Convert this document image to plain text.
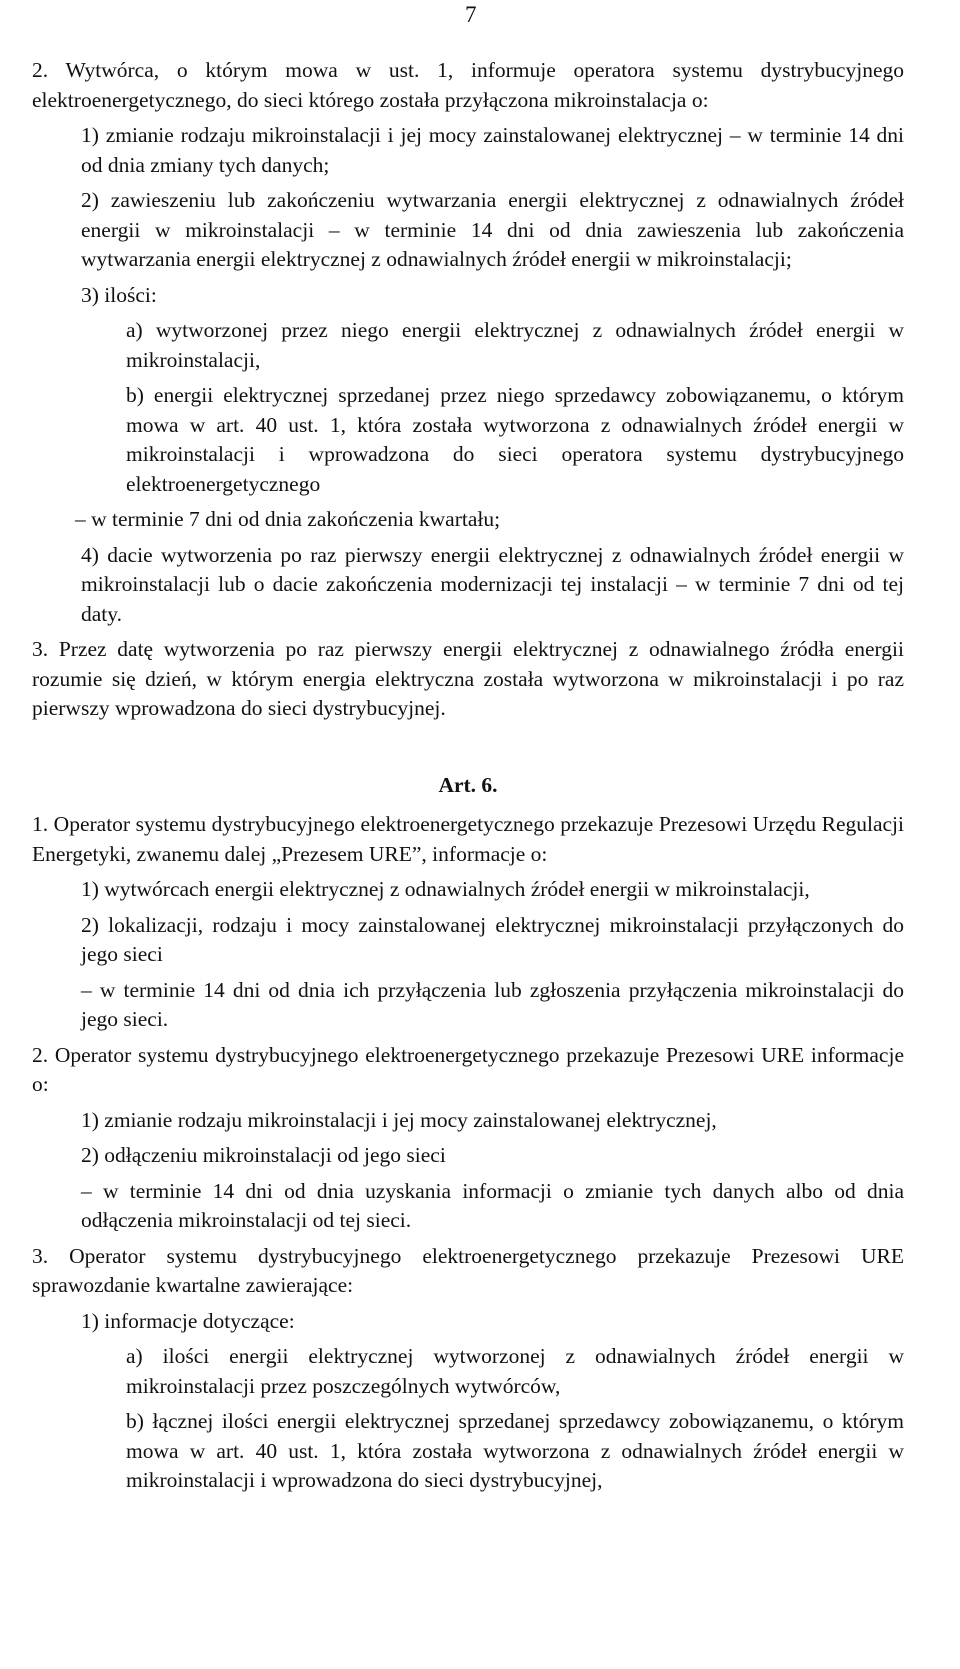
7

2. Wytwórca, o którym mowa w ust. 1, informuje operatora systemu dystrybucyjnego elektroenergetycznego, do sieci którego została przyłączona mikroinstalacja o:

1) zmianie rodzaju mikroinstalacji i jej mocy zainstalowanej elektrycznej – w terminie 14 dni od dnia zmiany tych danych;

2) zawieszeniu lub zakończeniu wytwarzania energii elektrycznej z odnawialnych źródeł energii w mikroinstalacji – w terminie 14 dni od dnia zawieszenia lub zakończenia wytwarzania energii elektrycznej z odnawialnych źródeł energii w mikroinstalacji;

3) ilości:

a) wytworzonej przez niego energii elektrycznej z odnawialnych źródeł energii w mikroinstalacji,

b) energii elektrycznej sprzedanej przez niego sprzedawcy zobowiązanemu, o którym mowa w art. 40 ust. 1, która została wytworzona z odnawialnych źródeł energii w mikroinstalacji i wprowadzona do sieci operatora systemu dystrybucyjnego elektroenergetycznego

– w terminie 7 dni od dnia zakończenia kwartału;

4) dacie wytworzenia po raz pierwszy energii elektrycznej z odnawialnych źródeł energii w mikroinstalacji lub o dacie zakończenia modernizacji tej instalacji – w terminie 7 dni od tej daty.

3. Przez datę wytworzenia po raz pierwszy energii elektrycznej z odnawialnego źródła energii rozumie się dzień, w którym energia elektryczna została wytworzona w mikroinstalacji i po raz pierwszy wprowadzona do sieci dystrybucyjnej.

Art. 6.

1. Operator systemu dystrybucyjnego elektroenergetycznego przekazuje Prezesowi Urzędu Regulacji Energetyki, zwanemu dalej „Prezesem URE”, informacje o:

1) wytwórcach energii elektrycznej z odnawialnych źródeł energii w mikroinstalacji,

2) lokalizacji, rodzaju i mocy zainstalowanej elektrycznej mikroinstalacji przyłączonych do jego sieci

– w terminie 14 dni od dnia ich przyłączenia lub zgłoszenia przyłączenia mikroinstalacji do jego sieci.

2. Operator systemu dystrybucyjnego elektroenergetycznego przekazuje Prezesowi URE informacje o:

1) zmianie rodzaju mikroinstalacji i jej mocy zainstalowanej elektrycznej,

2) odłączeniu mikroinstalacji od jego sieci

– w terminie 14 dni od dnia uzyskania informacji o zmianie tych danych albo od dnia odłączenia mikroinstalacji od tej sieci.

3. Operator systemu dystrybucyjnego elektroenergetycznego przekazuje Prezesowi URE sprawozdanie kwartalne zawierające:

1) informacje dotyczące:

a) ilości energii elektrycznej wytworzonej z odnawialnych źródeł energii w mikroinstalacji przez poszczególnych wytwórców,

b) łącznej ilości energii elektrycznej sprzedanej sprzedawcy zobowiązanemu, o którym mowa w art. 40 ust. 1, która została wytworzona z odnawialnych źródeł energii w mikroinstalacji i wprowadzona do sieci dystrybucyjnej,
